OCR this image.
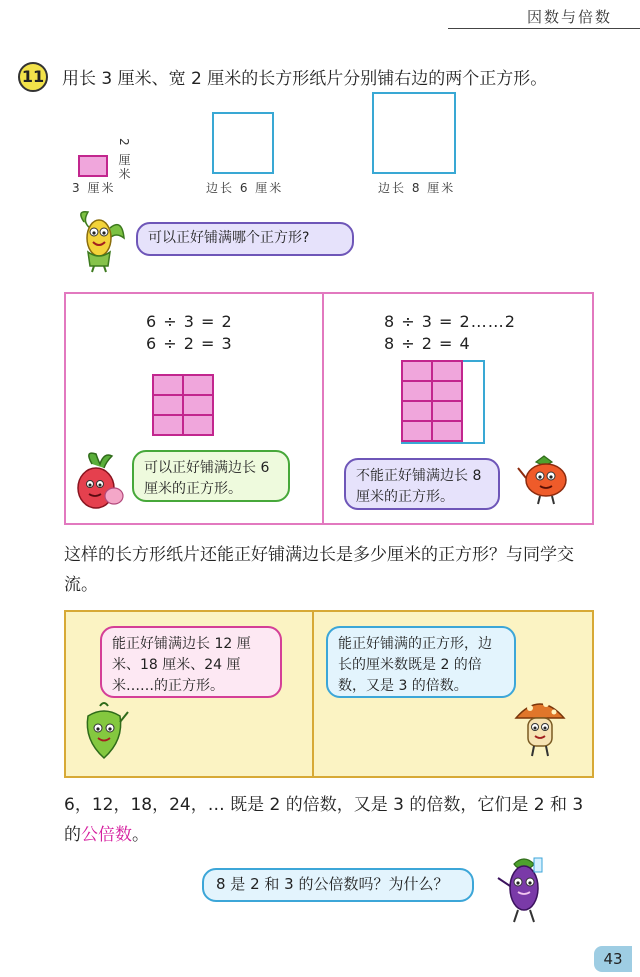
因数与倍数
11 用长 3 厘米、宽 2 厘米的长方形纸片分别铺右边的两个正方形。
3 厘米
2 厘米
边长 6 厘米	边长 8 厘米
可以正好铺满哪个正方形?
6 ÷ 3 = 2
6 ÷ 2 = 3
可以正好铺满边长 6 厘米的正方形。
8 ÷ 3 = 2……2
8 ÷ 2 = 4
不能正好铺满边长 8 厘米的正方形。
这样的长方形纸片还能正好铺满边长是多少厘米的正方形？与同学交流。
能正好铺满边长 12 厘米、18 厘米、24 厘米……的正方形。
能正好铺满的正方形，边长的厘米数既是 2 的倍数，又是 3 的倍数。
6，12，18，24，… 既是 2 的倍数，又是 3 的倍数，它们是 2 和 3 的公倍数。
8 是 2 和 3 的公倍数吗？为什么？
43
